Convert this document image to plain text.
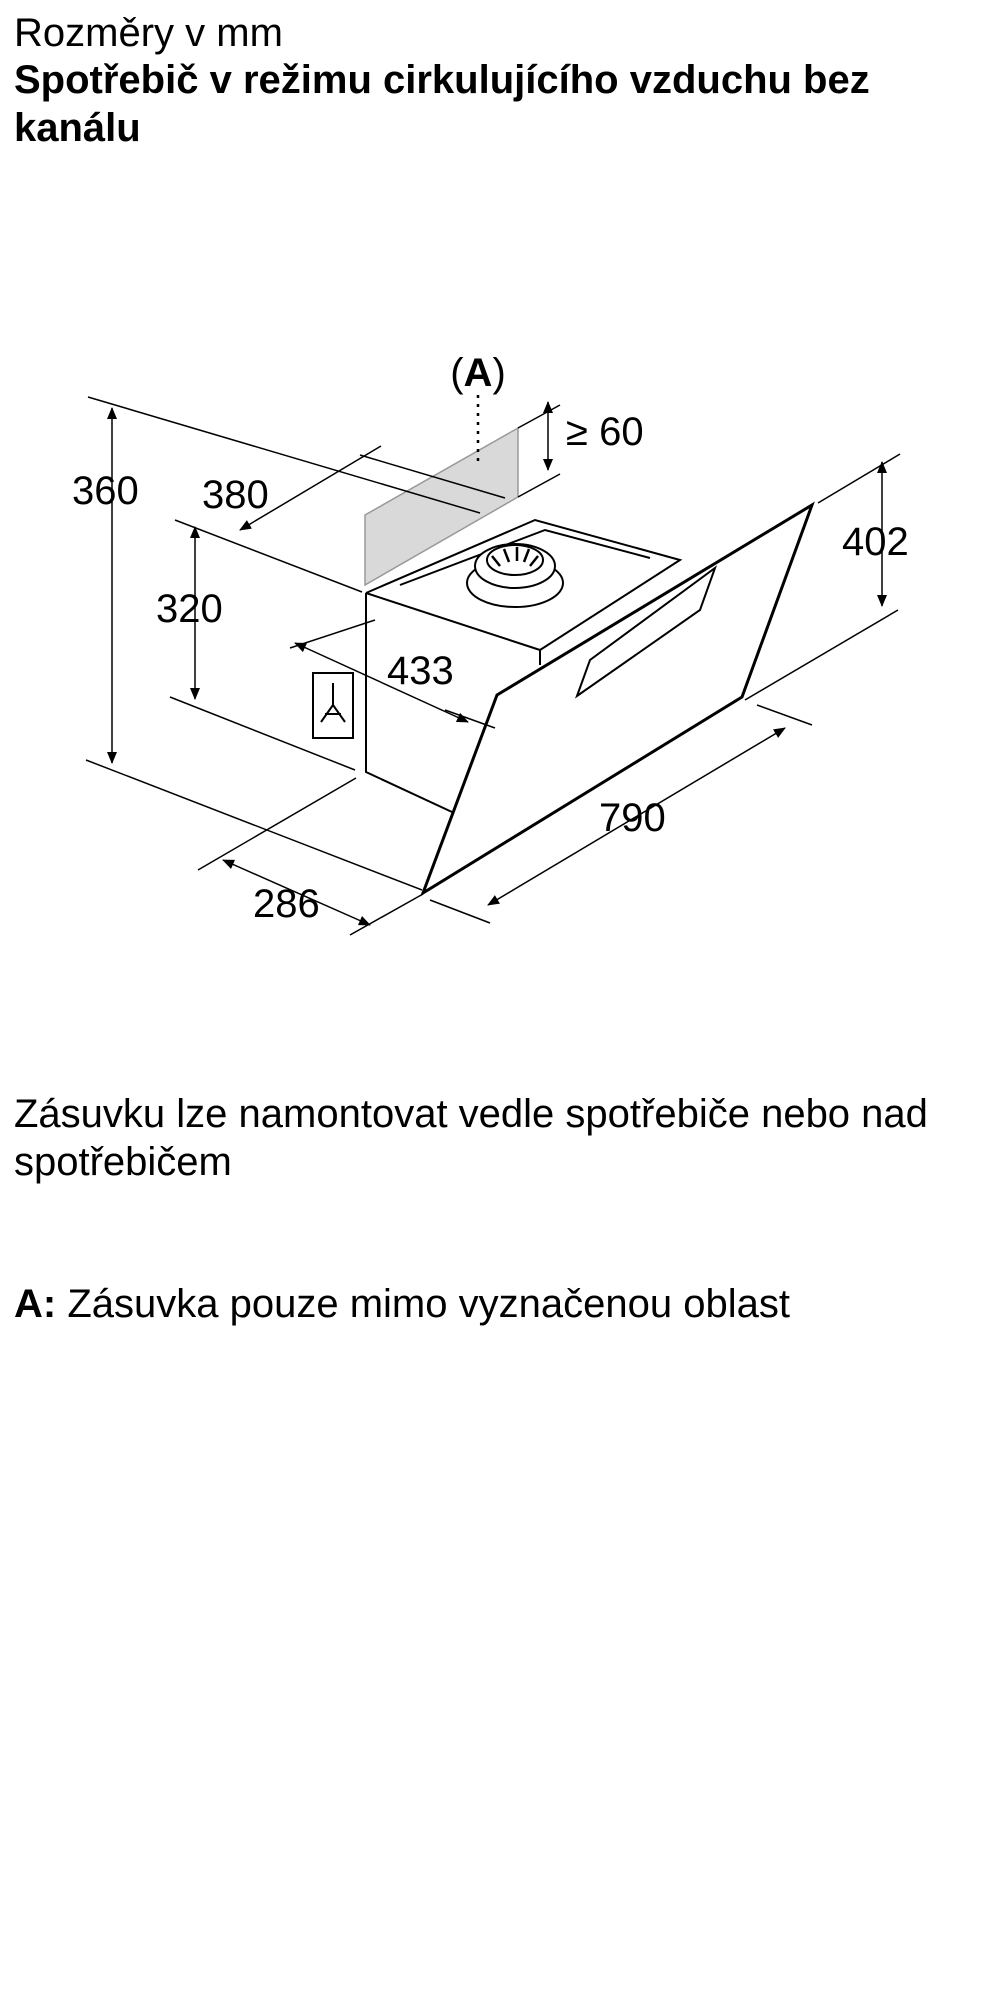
Rozměry v mm
Spotřebič v režimu cirkulujícího vzduchu bez kanálu
(A)
360 380
≥ 60
320
433
402
790
286
Zásuvku lze namontovat vedle spotřebiče nebo nad spotřebičem
A: Zásuvka pouze mimo vyznačenou oblast
